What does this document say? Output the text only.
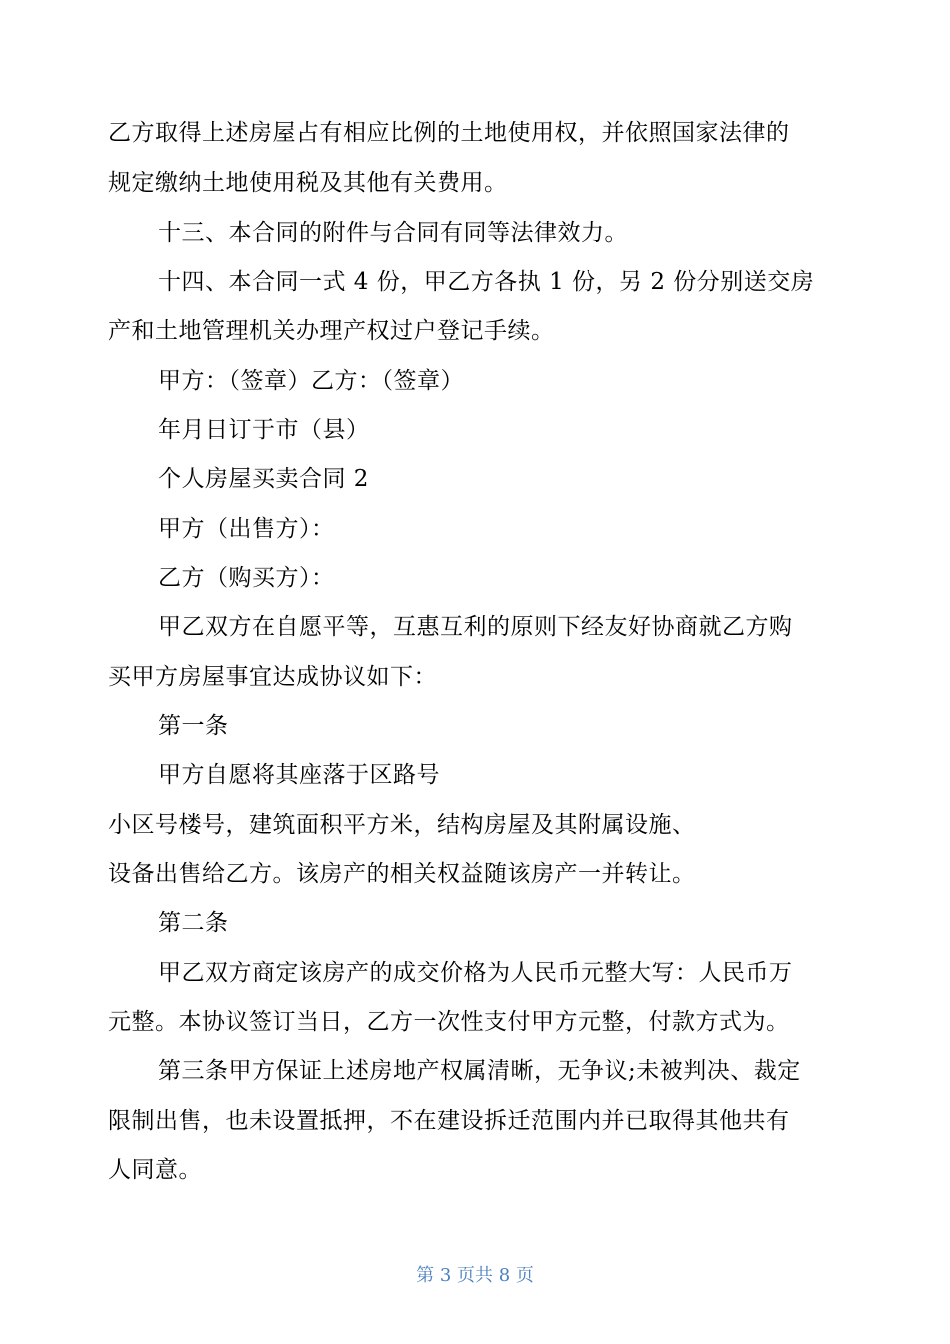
乙方取得上述房屋占有相应比例的土地使用权，并依照国家法律的
规定缴纳土地使用税及其他有关费用。
十三、本合同的附件与合同有同等法律效力。
十四、本合同一式 4 份，甲乙方各执 1 份，另 2 份分别送交房
产和土地管理机关办理产权过户登记手续。
甲方：（签章）乙方：（签章）
年月日订于市（县）
个人房屋买卖合同 2
甲方（出售方）：
乙方（购买方）：
甲乙双方在自愿平等，互惠互利的原则下经友好协商就乙方购
买甲方房屋事宜达成协议如下：
第一条
甲方自愿将其座落于区路号
小区号楼号，建筑面积平方米，结构房屋及其附属设施、
设备出售给乙方。该房产的相关权益随该房产一并转让。
第二条
甲乙双方商定该房产的成交价格为人民币元整大写：人民币万
元整。本协议签订当日，乙方一次性支付甲方元整，付款方式为。
第三条甲方保证上述房地产权属清晰，无争议;未被判决、裁定
限制出售，也未设置抵押，不在建设拆迁范围内并已取得其他共有
人同意。
第 3 页共 8 页
